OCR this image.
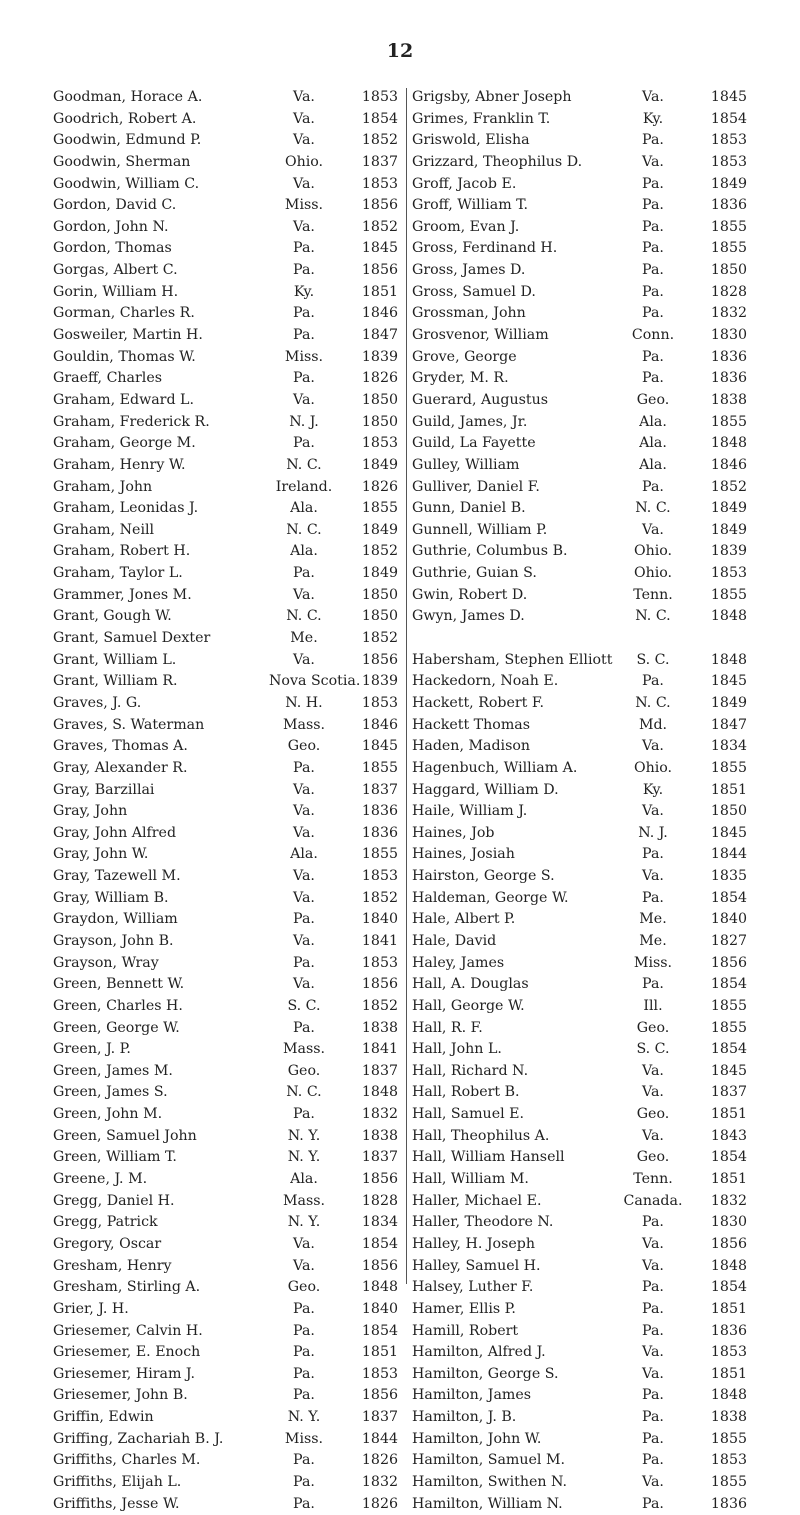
12
Goodman, Horace A.	Va.	1853
Goodrich, Robert A.	Va.	1854
Goodwin, Edmund P.	Va.	1852
Goodwin, Sherman	Ohio.	1837
Goodwin, William C.	Va.	1853
Gordon, David C.	Miss.	1856
Gordon, John N.	Va.	1852
Gordon, Thomas	Pa.	1845
Gorgas, Albert C.	Pa.	1856
Gorin, William H.	Ky.	1851
Gorman, Charles R.	Pa.	1846
Gosweiler, Martin H.	Pa.	1847
Gouldin, Thomas W.	Miss.	1839
Graeff, Charles	Pa.	1826
Graham, Edward L.	Va.	1850
Graham, Frederick R.	N. J.	1850
Graham, George M.	Pa.	1853
Graham, Henry W.	N. C.	1849
Graham, John	Ireland.	1826
Graham, Leonidas J.	Ala.	1855
Graham, Neill	N. C.	1849
Graham, Robert H.	Ala.	1852
Graham, Taylor L.	Pa.	1849
Grammer, Jones M.	Va.	1850
Grant, Gough W.	N. C.	1850
Grant, Samuel Dexter	Me.	1852
Grant, William L.	Va.	1856
Grant, William R.	Nova Scotia. 1839
Graves, J. G.	N. H.	1853
Graves, S. Waterman	Mass.	1846
Graves, Thomas A.	Geo.	1845
Gray, Alexander R.	Pa.	1855
Gray, Barzillai	Va.	1837
Gray, John	Va.	1836
Gray, John Alfred	Va.	1836
Gray, John W.	Ala.	1855
Gray, Tazewell M.	Va.	1853
Gray, William B.	Va.	1852
Graydon, William	Pa.	1840
Grayson, John B.	Va.	1841
Grayson, Wray	Pa.	1853
Green, Bennett W.	Va.	1856
Green, Charles H.	S. C.	1852
Green, George W.	Pa.	1838
Green, J. P.	Mass.	1841
Green, James M.	Geo.	1837
Green, James S.	N. C.	1848
Green, John M.	Pa.	1832
Green, Samuel John	N. Y.	1838
Green, William T.	N. Y.	1837
Greene, J. M.	Ala.	1856
Gregg, Daniel H.	Mass.	1828
Gregg, Patrick	N. Y.	1834
Gregory, Oscar	Va.	1854
Gresham, Henry	Va.	1856
Gresham, Stirling A.	Geo.	1848
Grier, J. H.	Pa.	1840
Griesemer, Calvin H.	Pa.	1854
Griesemer, E. Enoch	Pa.	1851
Griesemer, Hiram J.	Pa.	1853
Griesemer, John B.	Pa.	1856
Griffin, Edwin	N. Y.	1837
Griffing, Zachariah B. J.	Miss.	1844
Griffiths, Charles M.	Pa.	1826
Griffiths, Elijah L.	Pa.	1832
Griffiths, Jesse W.	Pa.	1826
Grigsby, Abner Joseph	Va.	1845
Grimes, Franklin T.	Ky.	1854
Griswold, Elisha	Pa.	1853
Grizzard, Theophilus D.	Va.	1853
Groff, Jacob E.	Pa.	1849
Groff, William T.	Pa.	1836
Groom, Evan J.	Pa.	1855
Gross, Ferdinand H.	Pa.	1855
Gross, James D.	Pa.	1850
Gross, Samuel D.	Pa.	1828
Grossman, John	Pa.	1832
Grosvenor, William	Conn.	1830
Grove, George	Pa.	1836
Gryder, M. R.	Pa.	1836
Guerard, Augustus	Geo.	1838
Guild, James, Jr.	Ala.	1855
Guild, La Fayette	Ala.	1848
Gulley, William	Ala.	1846
Gulliver, Daniel F.	Pa.	1852
Gunn, Daniel B.	N. C.	1849
Gunnell, William P.	Va.	1849
Guthrie, Columbus B.	Ohio.	1839
Guthrie, Guian S.	Ohio.	1853
Gwin, Robert D.	Tenn.	1855
Gwyn, James D.	N. C.	1848
Habersham, Stephen Elliott	S. C.	1848
Hackedorn, Noah E.	Pa.	1845
Hackett, Robert F.	N. C.	1849
Hackett Thomas	Md.	1847
Haden, Madison	Va.	1834
Hagenbuch, William A.	Ohio.	1855
Haggard, William D.	Ky.	1851
Haile, William J.	Va.	1850
Haines, Job	N. J.	1845
Haines, Josiah	Pa.	1844
Hairston, George S.	Va.	1835
Haldeman, George W.	Pa.	1854
Hale, Albert P.	Me.	1840
Hale, David	Me.	1827
Haley, James	Miss.	1856
Hall, A. Douglas	Pa.	1854
Hall, George W.	Ill.	1855
Hall, R. F.	Geo.	1855
Hall, John L.	S. C.	1854
Hall, Richard N.	Va.	1845
Hall, Robert B.	Va.	1837
Hall, Samuel E.	Geo.	1851
Hall, Theophilus A.	Va.	1843
Hall, William Hansell	Geo.	1854
Hall, William M.	Tenn.	1851
Haller, Michael E.	Canada.	1832
Haller, Theodore N.	Pa.	1830
Halley, H. Joseph	Va.	1856
Halley, Samuel H.	Va.	1848
Halsey, Luther F.	Pa.	1854
Hamer, Ellis P.	Pa.	1851
Hamill, Robert	Pa.	1836
Hamilton, Alfred J.	Va.	1853
Hamilton, George S.	Va.	1851
Hamilton, James	Pa.	1848
Hamilton, J. B.	Pa.	1838
Hamilton, John W.	Pa.	1855
Hamilton, Samuel M.	Pa.	1853
Hamilton, Swithen N.	Va.	1855
Hamilton, William N.	Pa.	1836
